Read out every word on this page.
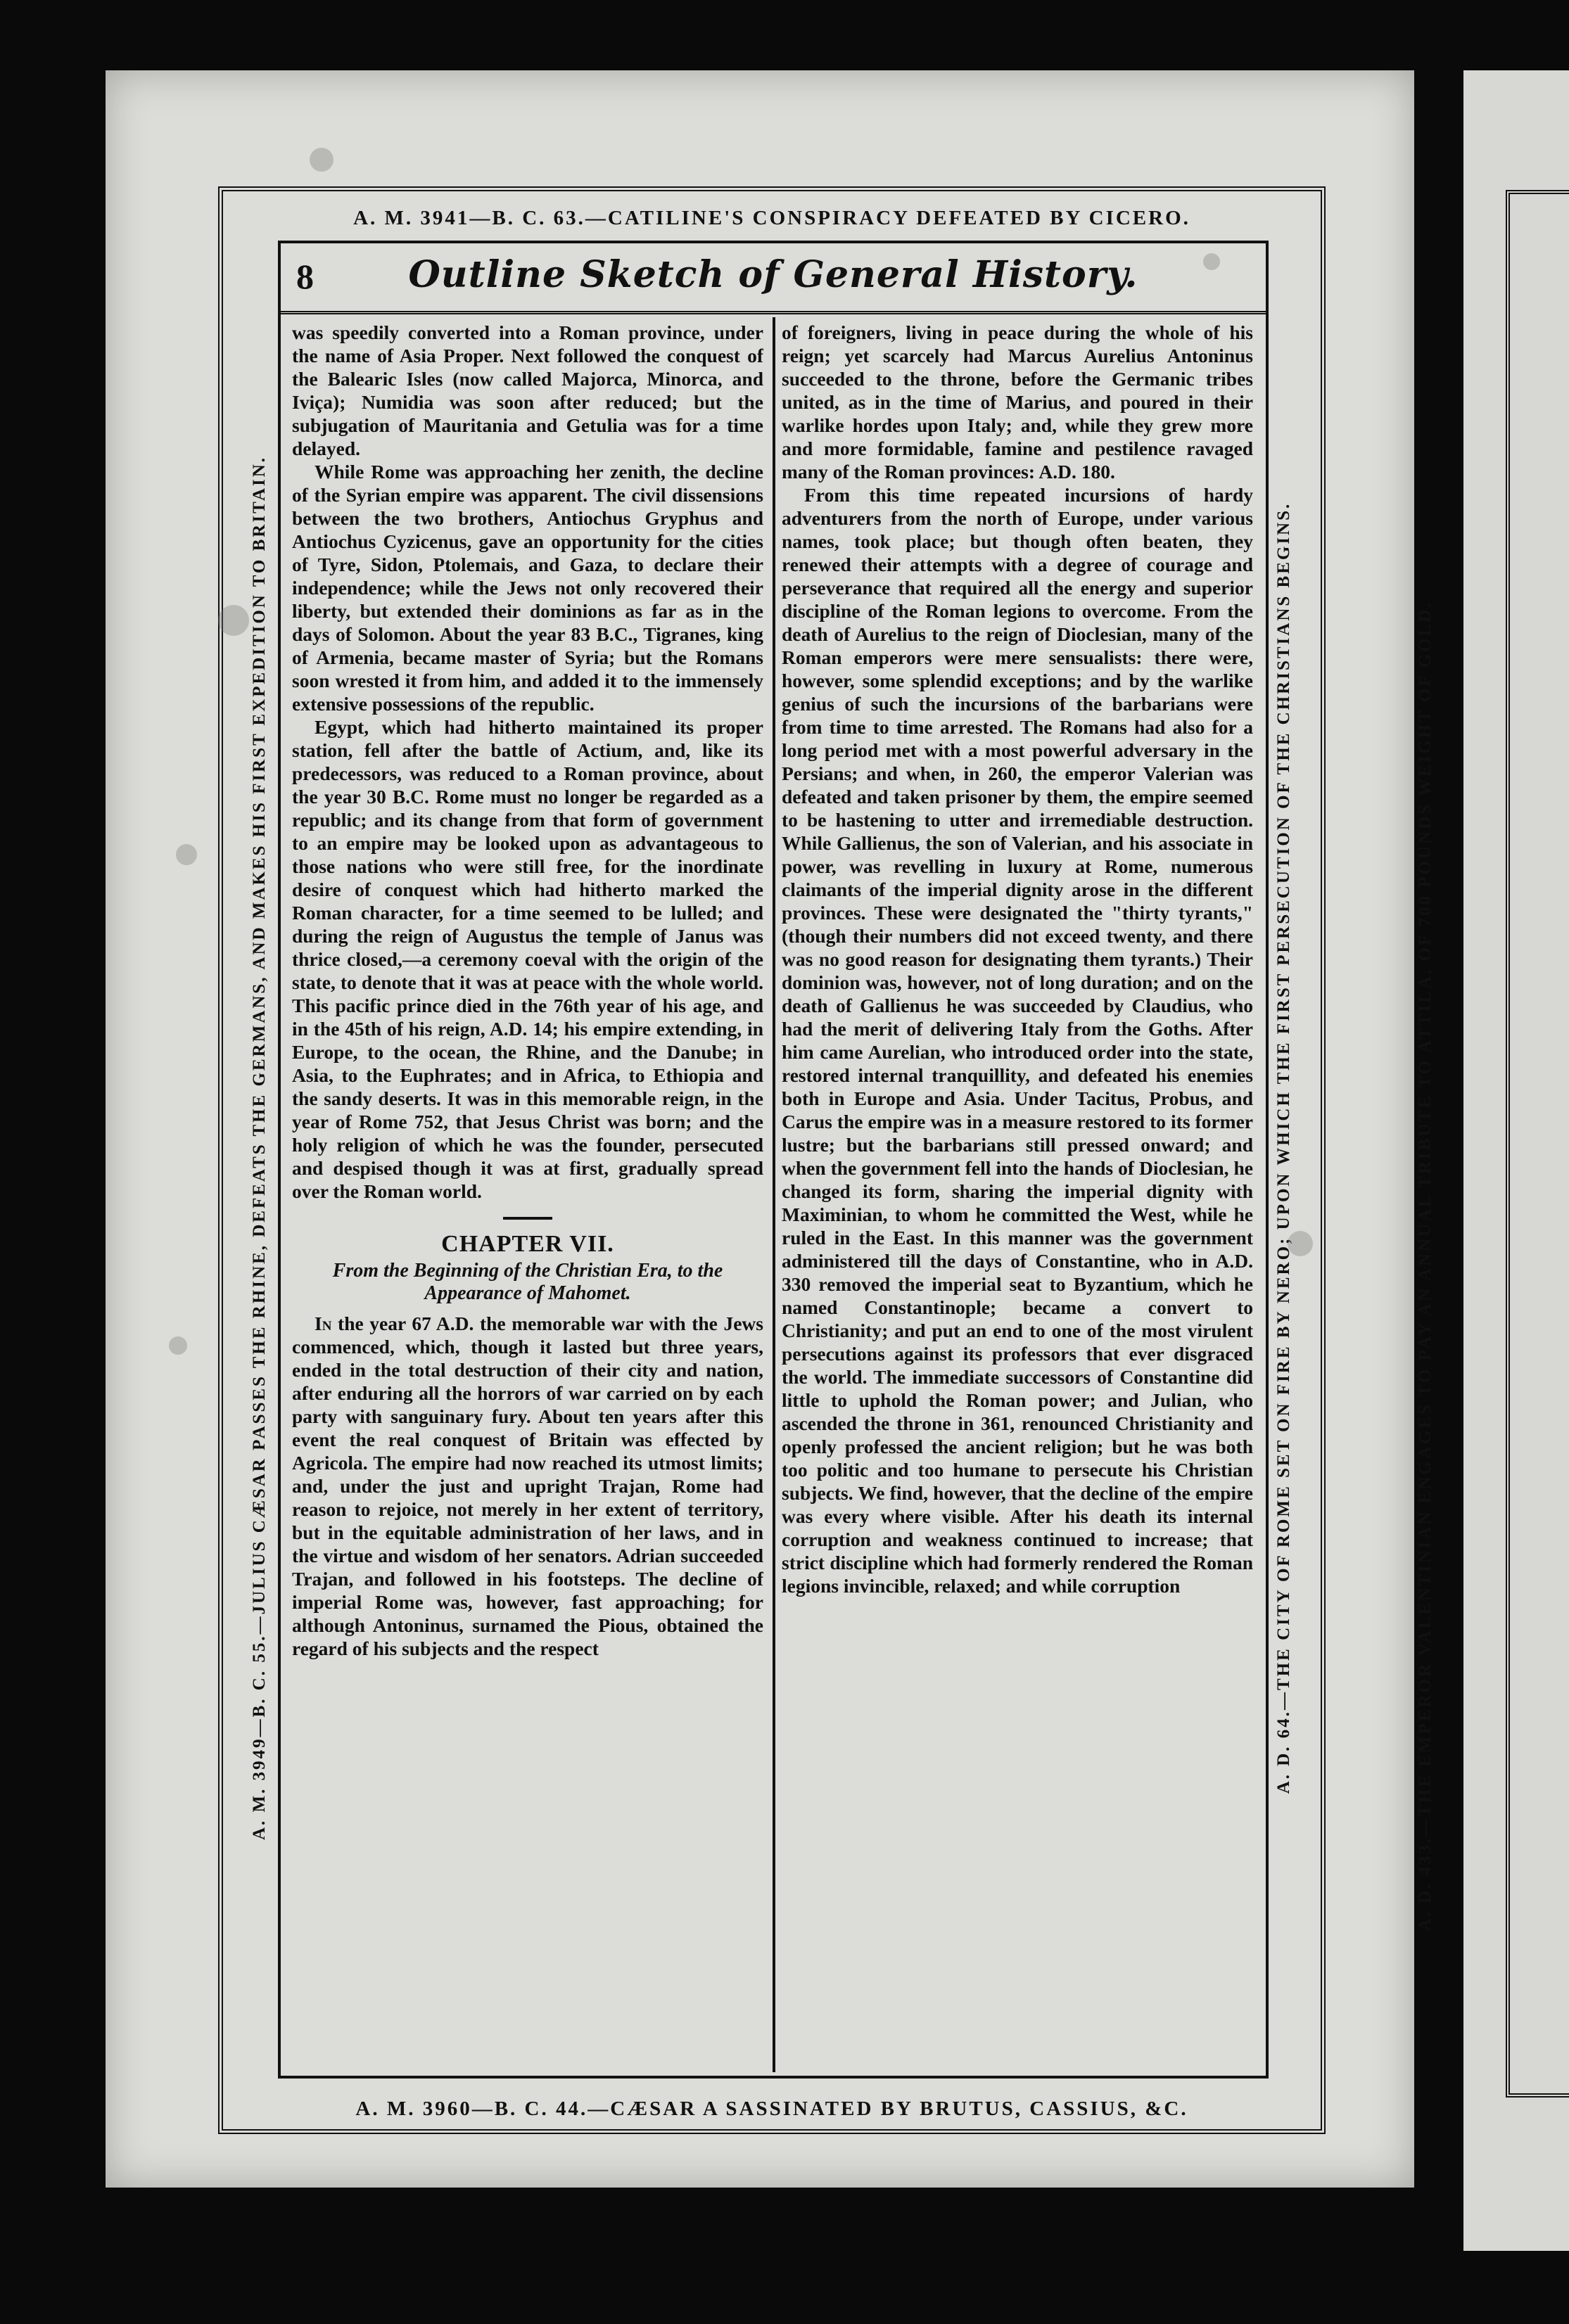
A. D. 433.—THE EMPEROR VALENTINIAN ENGAGES TO PAY AN ANNUAL TRIBUTE TO ATTILA, OF 700 POUNDS WEIGHT OF GOLD.
A. M. 3941—B. C. 63.—CATILINE'S CONSPIRACY DEFEATED BY CICERO.
A. M. 3949—B. C. 55.—JULIUS CÆSAR PASSES THE RHINE, DEFEATS THE GERMANS, AND MAKES HIS FIRST EXPEDITION TO BRITAIN.	A. D. 64.—THE CITY OF ROME SET ON FIRE BY NERO; UPON WHICH THE FIRST PERSECUTION OF THE CHRISTIANS BEGINS.
8	Outline Sketch of General History.

was speedily converted into a Roman province, under the name of Asia Proper. Next followed the conquest of the Balearic Isles (now called Majorca, Minorca, and Iviça); Numidia was soon after reduced; but the subjugation of Mauritania and Getulia was for a time delayed.

While Rome was approaching her zenith, the decline of the Syrian empire was apparent. The civil dissensions between the two brothers, Antiochus Gryphus and Antiochus Cyzicenus, gave an opportunity for the cities of Tyre, Sidon, Ptolemais, and Gaza, to declare their independence; while the Jews not only recovered their liberty, but extended their dominions as far as in the days of Solomon. About the year 83 B.C., Tigranes, king of Armenia, became master of Syria; but the Romans soon wrested it from him, and added it to the immensely extensive possessions of the republic.

Egypt, which had hitherto maintained its proper station, fell after the battle of Actium, and, like its predecessors, was reduced to a Roman province, about the year 30 B.C. Rome must no longer be regarded as a republic; and its change from that form of government to an empire may be looked upon as advantageous to those nations who were still free, for the inordinate desire of conquest which had hitherto marked the Roman character, for a time seemed to be lulled; and during the reign of Augustus the temple of Janus was thrice closed,—a ceremony coeval with the origin of the state, to denote that it was at peace with the whole world. This pacific prince died in the 76th year of his age, and in the 45th of his reign, A.D. 14; his empire extending, in Europe, to the ocean, the Rhine, and the Danube; in Asia, to the Euphrates; and in Africa, to Ethiopia and the sandy deserts. It was in this memorable reign, in the year of Rome 752, that Jesus Christ was born; and the holy religion of which he was the founder, persecuted and despised though it was at first, gradually spread over the Roman world.

CHAPTER VII.
From the Beginning of the Christian Era, to the Appearance of Mahomet.

In the year 67 A.D. the memorable war with the Jews commenced, which, though it lasted but three years, ended in the total destruction of their city and nation, after enduring all the horrors of war carried on by each party with sanguinary fury. About ten years after this event the real conquest of Britain was effected by Agricola. The empire had now reached its utmost limits; and, under the just and upright Trajan, Rome had reason to rejoice, not merely in her extent of territory, but in the equitable administration of her laws, and in the virtue and wisdom of her senators. Adrian succeeded Trajan, and followed in his footsteps. The decline of imperial Rome was, however, fast approaching; for although Antoninus, surnamed the Pious, obtained the regard of his subjects and the respect

of foreigners, living in peace during the whole of his reign; yet scarcely had Marcus Aurelius Antoninus succeeded to the throne, before the Germanic tribes united, as in the time of Marius, and poured in their warlike hordes upon Italy; and, while they grew more and more formidable, famine and pestilence ravaged many of the Roman provinces: A.D. 180.

From this time repeated incursions of hardy adventurers from the north of Europe, under various names, took place; but though often beaten, they renewed their attempts with a degree of courage and perseverance that required all the energy and superior discipline of the Roman legions to overcome. From the death of Aurelius to the reign of Dioclesian, many of the Roman emperors were mere sensualists: there were, however, some splendid exceptions; and by the warlike genius of such the incursions of the barbarians were from time to time arrested. The Romans had also for a long period met with a most powerful adversary in the Persians; and when, in 260, the emperor Valerian was defeated and taken prisoner by them, the empire seemed to be hastening to utter and irremediable destruction. While Gallienus, the son of Valerian, and his associate in power, was revelling in luxury at Rome, numerous claimants of the imperial dignity arose in the different provinces. These were designated the "thirty tyrants," (though their numbers did not exceed twenty, and there was no good reason for designating them tyrants.) Their dominion was, however, not of long duration; and on the death of Gallienus he was succeeded by Claudius, who had the merit of delivering Italy from the Goths. After him came Aurelian, who introduced order into the state, restored internal tranquillity, and defeated his enemies both in Europe and Asia. Under Tacitus, Probus, and Carus the empire was in a measure restored to its former lustre; but the barbarians still pressed onward; and when the government fell into the hands of Dioclesian, he changed its form, sharing the imperial dignity with Maximinian, to whom he committed the West, while he ruled in the East. In this manner was the government administered till the days of Constantine, who in A.D. 330 removed the imperial seat to Byzantium, which he named Constantinople; became a convert to Christianity; and put an end to one of the most virulent persecutions against its professors that ever disgraced the world. The immediate successors of Constantine did little to uphold the Roman power; and Julian, who ascended the throne in 361, renounced Christianity and openly professed the ancient religion; but he was both too politic and too humane to persecute his Christian subjects. We find, however, that the decline of the empire was every where visible. After his death its internal corruption and weakness continued to increase; that strict discipline which had formerly rendered the Roman legions invincible, relaxed; and while corruption

A. M. 3960—B. C. 44.—CÆSAR A SASSINATED BY BRUTUS, CASSIUS, &C.
